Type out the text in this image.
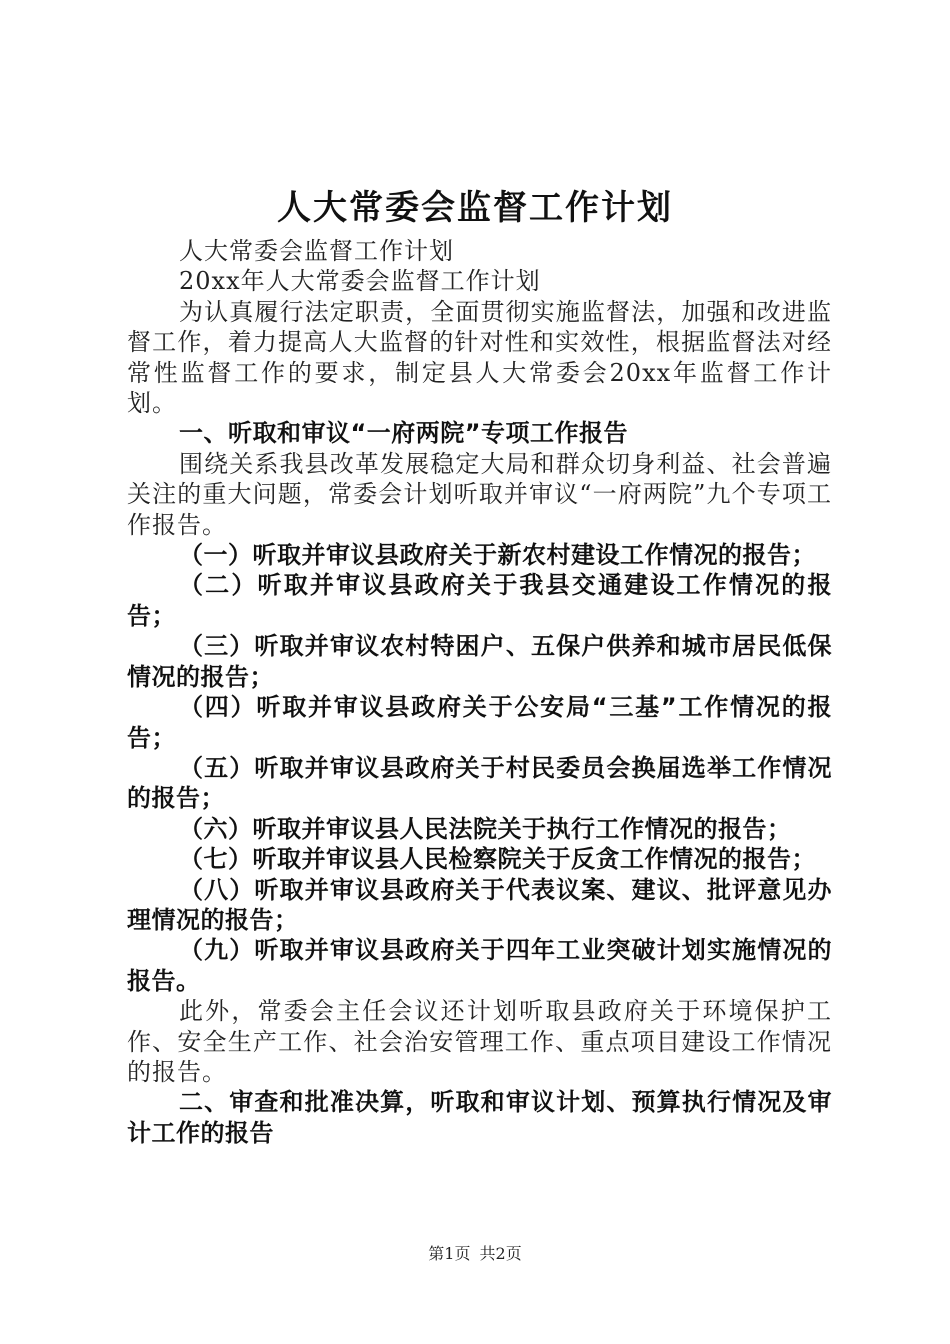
人大常委会监督工作计划

人大常委会监督工作计划

20xx年人大常委会监督工作计划

为认真履行法定职责，全面贯彻实施监督法，加强和改进监督工作，着力提高人大监督的针对性和实效性，根据监督法对经常性监督工作的要求，制定县人大常委会20xx年监督工作计划。

一、听取和审议“一府两院”专项工作报告

围绕关系我县改革发展稳定大局和群众切身利益、社会普遍关注的重大问题，常委会计划听取并审议“一府两院”九个专项工作报告。

（一）听取并审议县政府关于新农村建设工作情况的报告；

（二）听取并审议县政府关于我县交通建设工作情况的报告；

（三）听取并审议农村特困户、五保户供养和城市居民低保情况的报告；

（四）听取并审议县政府关于公安局“三基”工作情况的报告；

（五）听取并审议县政府关于村民委员会换届选举工作情况的报告；

（六）听取并审议县人民法院关于执行工作情况的报告；

（七）听取并审议县人民检察院关于反贪工作情况的报告；

（八）听取并审议县政府关于代表议案、建议、批评意见办理情况的报告；

（九）听取并审议县政府关于四年工业突破计划实施情况的报告。

此外，常委会主任会议还计划听取县政府关于环境保护工作、安全生产工作、社会治安管理工作、重点项目建设工作情况的报告。

二、审查和批准决算，听取和审议计划、预算执行情况及审计工作的报告

第1页 共2页
